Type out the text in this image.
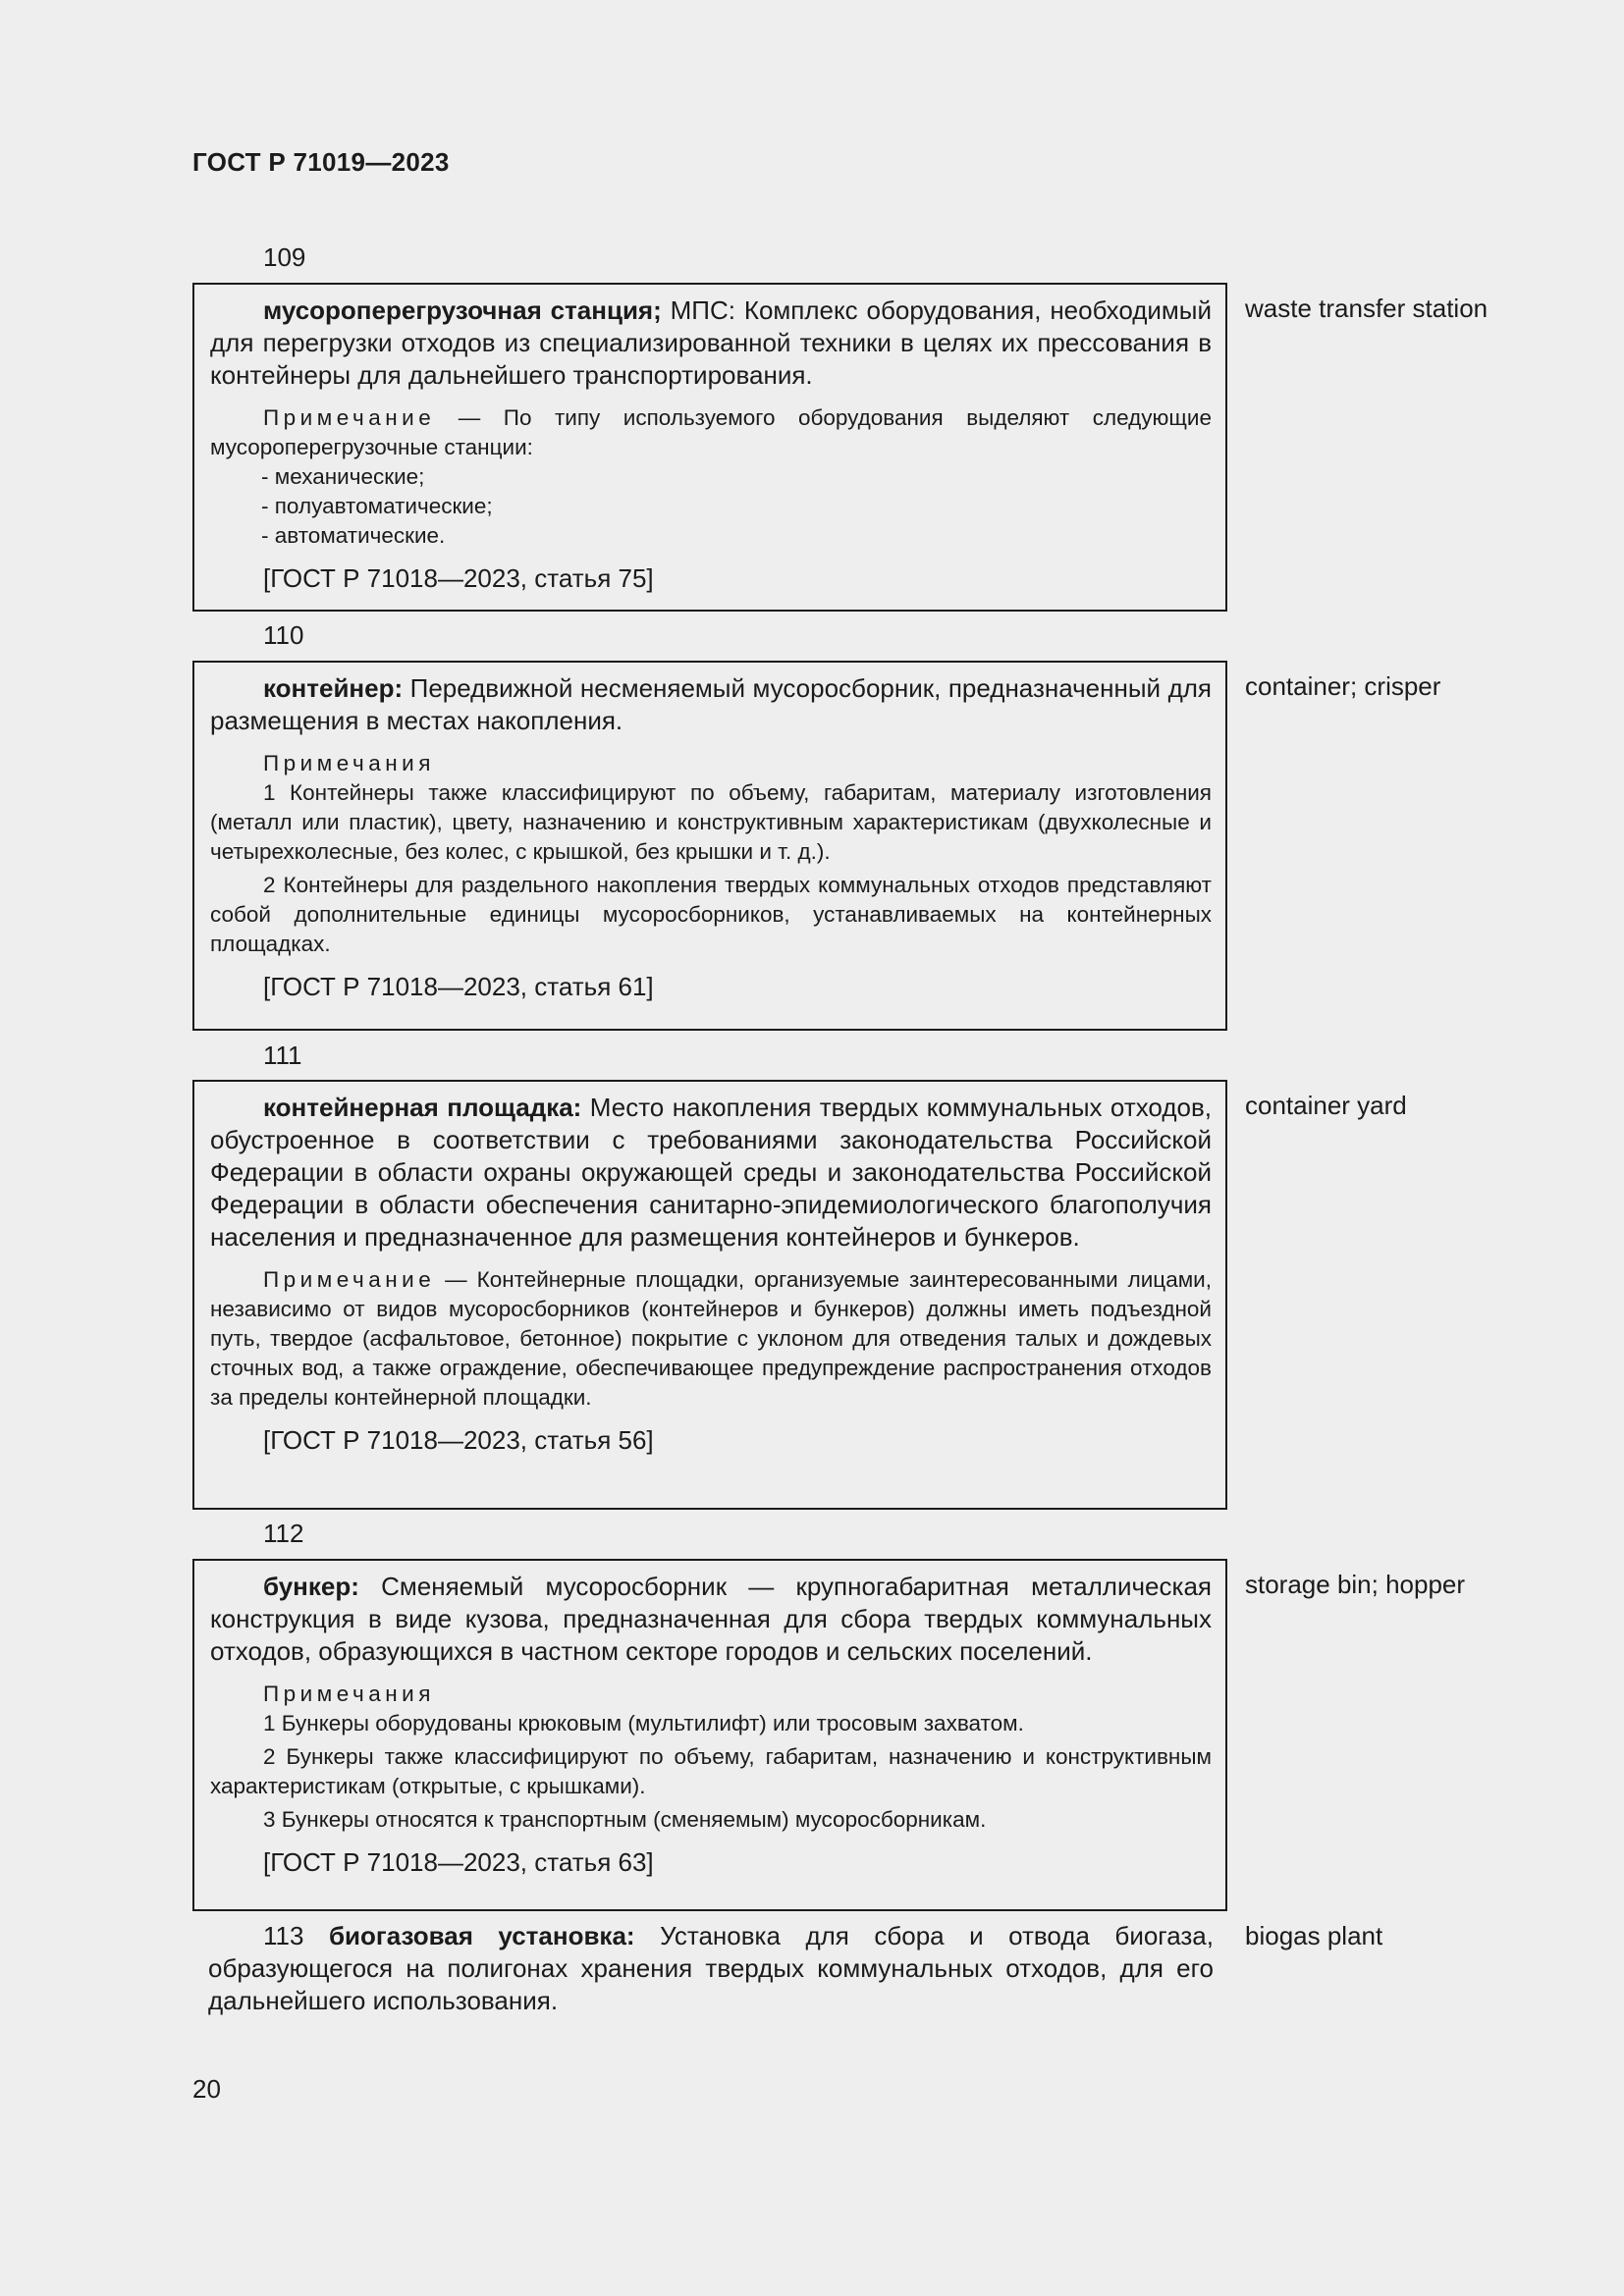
ГОСТ Р 71019—2023
109

мусороперегрузочная станция; МПС: Комплекс оборудования, необходимый для перегрузки отходов из специализированной техники в целях их прессования в контейнеры для дальнейшего транспортирования.

Примечание — По типу используемого оборудования выделяют следующие мусороперегрузочные станции:

- механические;

- полуавтоматические;

- автоматические.

[ГОСТ Р 71018—2023, статья 75]

waste transfer station
110

контейнер: Передвижной несменяемый мусоросборник, предназначенный для размещения в местах накопления.

Примечания

1 Контейнеры также классифицируют по объему, габаритам, материалу изготовления (металл или пластик), цвету, назначению и конструктивным характеристикам (двухколесные и четырехколесные, без колес, с крышкой, без крышки и т. д.).

2 Контейнеры для раздельного накопления твердых коммунальных отходов представляют собой дополнительные единицы мусоросборников, устанавливаемых на контейнерных площадках.

[ГОСТ Р 71018—2023, статья 61]

container; crisper
111

контейнерная площадка: Место накопления твердых коммунальных отходов, обустроенное в соответствии с требованиями законодательства Российской Федерации в области охраны окружающей среды и законодательства Российской Федерации в области обеспечения санитарно-эпидемиологического благополучия населения и предназначенное для размещения контейнеров и бункеров.

Примечание — Контейнерные площадки, организуемые заинтересованными лицами, независимо от видов мусоросборников (контейнеров и бункеров) должны иметь подъездной путь, твердое (асфальтовое, бетонное) покрытие с уклоном для отведения талых и дождевых сточных вод, а также ограждение, обеспечивающее предупреждение распространения отходов за пределы контейнерной площадки.

[ГОСТ Р 71018—2023, статья 56]

container yard
112

бункер: Сменяемый мусоросборник — крупногабаритная металлическая конструкция в виде кузова, предназначенная для сбора твердых коммунальных отходов, образующихся в частном секторе городов и сельских поселений.

Примечания

1 Бункеры оборудованы крюковым (мультилифт) или тросовым захватом.

2 Бункеры также классифицируют по объему, габаритам, назначению и конструктивным характеристикам (открытые, с крышками).

3 Бункеры относятся к транспортным (сменяемым) мусоросборникам.

[ГОСТ Р 71018—2023, статья 63]

storage bin; hopper

113 биогазовая установка: Установка для сбора и отвода биогаза, образующегося на полигонах хранения твердых коммунальных отходов, для его дальнейшего использования.

biogas plant
20
